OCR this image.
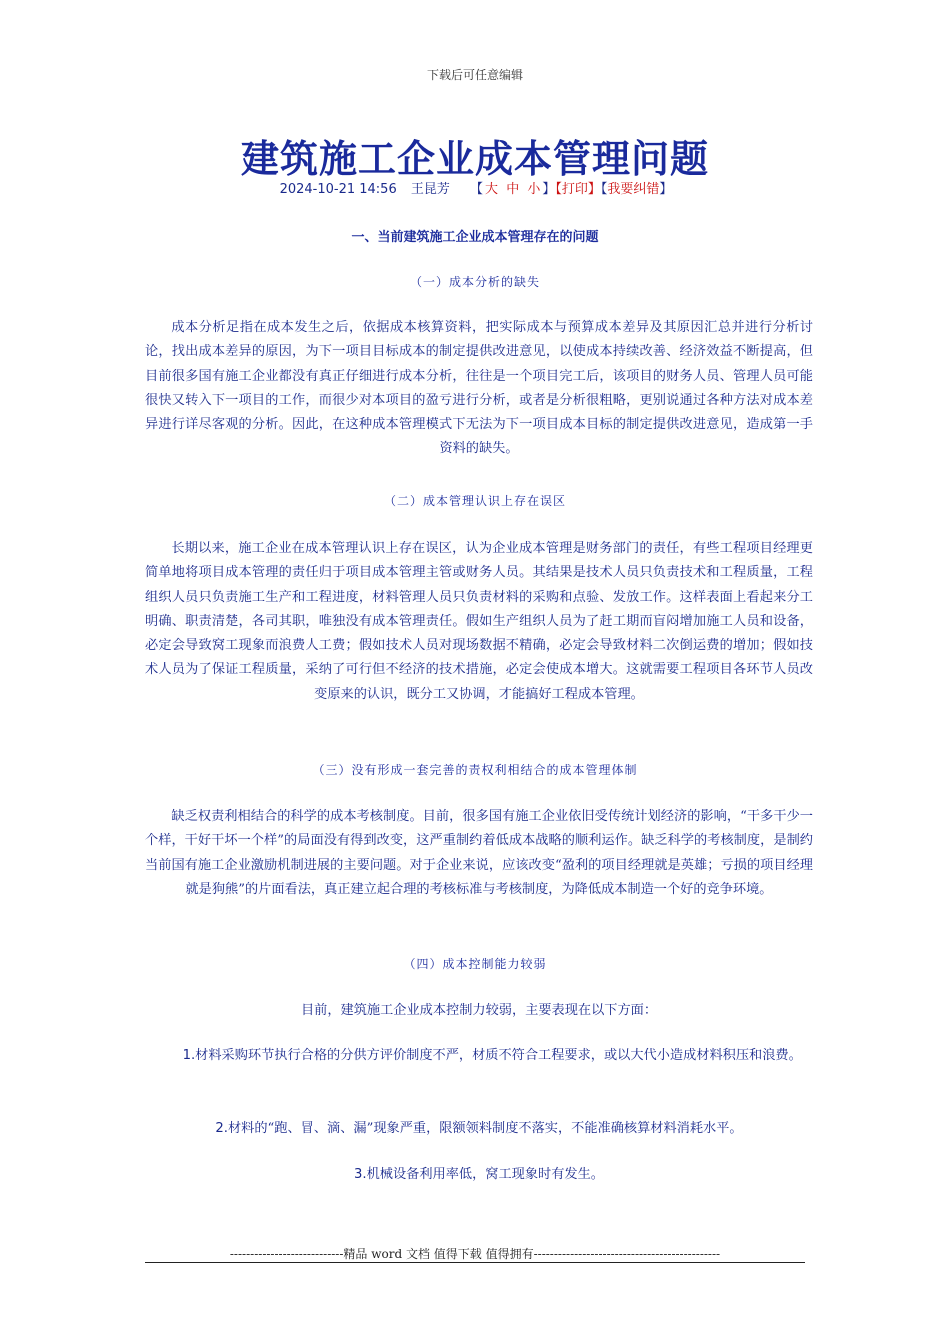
下载后可任意编辑
建筑施工企业成本管理问题
2024-10-21 14:56 王昆芳 【 大 中 小 】【打印】【我要纠错】
一、当前建筑施工企业成本管理存在的问题
（一）成本分析的缺失
成本分析足指在成本发生之后，依据成本核算资料，把实际成本与预算成本差异及其原因汇总并进行分析讨论，找出成本差异的原因，为下一项目目标成本的制定提供改进意见，以使成本持续改善、经济效益不断提高，但目前很多国有施工企业都没有真正仔细进行成本分析，往往是一个项目完工后，该项目的财务人员、管理人员可能很快又转入下一项目的工作，而很少对本项目的盈亏进行分析，或者是分析很粗略，更别说通过各种方法对成本差异进行详尽客观的分析。因此，在这种成本管理模式下无法为下一项目成本目标的制定提供改进意见，造成第一手资料的缺失。
（二）成本管理认识上存在误区
长期以来，施工企业在成本管理认识上存在误区，认为企业成本管理是财务部门的责任，有些工程项目经理更简单地将项目成本管理的责任归于项目成本管理主管或财务人员。其结果是技术人员只负责技术和工程质量，工程组织人员只负责施工生产和工程进度，材料管理人员只负责材料的采购和点验、发放工作。这样表面上看起来分工明确、职责清楚，各司其职，唯独没有成本管理责任。假如生产组织人员为了赶工期而盲闷增加施工人员和设备，必定会导致窝工现象而浪费人工费；假如技术人员对现场数据不精确，必定会导致材料二次倒运费的增加；假如技术人员为了保证工程质量，采纳了可行但不经济的技术措施，必定会使成本增大。这就需要工程项目各环节人员改变原来的认识，既分工又协调，才能搞好工程成本管理。
（三）没有形成一套完善的责权利相结合的成本管理体制
缺乏权责利相结合的科学的成本考核制度。目前，很多国有施工企业依旧受传统计划经济的影响，“干多干少一个样，干好干坏一个样”的局面没有得到改变，这严重制约着低成本战略的顺利运作。缺乏科学的考核制度，是制约当前国有施工企业激励机制进展的主要问题。对于企业来说，应该改变“盈利的项目经理就是英雄；亏损的项目经理就是狗熊”的片面看法，真正建立起合理的考核标准与考核制度，为降低成本制造一个好的竞争环境。
（四）成本控制能力较弱
目前，建筑施工企业成本控制力较弱，主要表现在以下方面：
1.材料采购环节执行合格的分供方评价制度不严，材质不符合工程要求，或以大代小造成材料积压和浪费。
2.材料的“跑、冒、滴、漏”现象严重，限额领料制度不落实，不能准确核算材料消耗水平。
3.机械设备利用率低，窝工现象时有发生。
----------------------------精品 word 文档 值得下载 值得拥有----------------------------------------------
